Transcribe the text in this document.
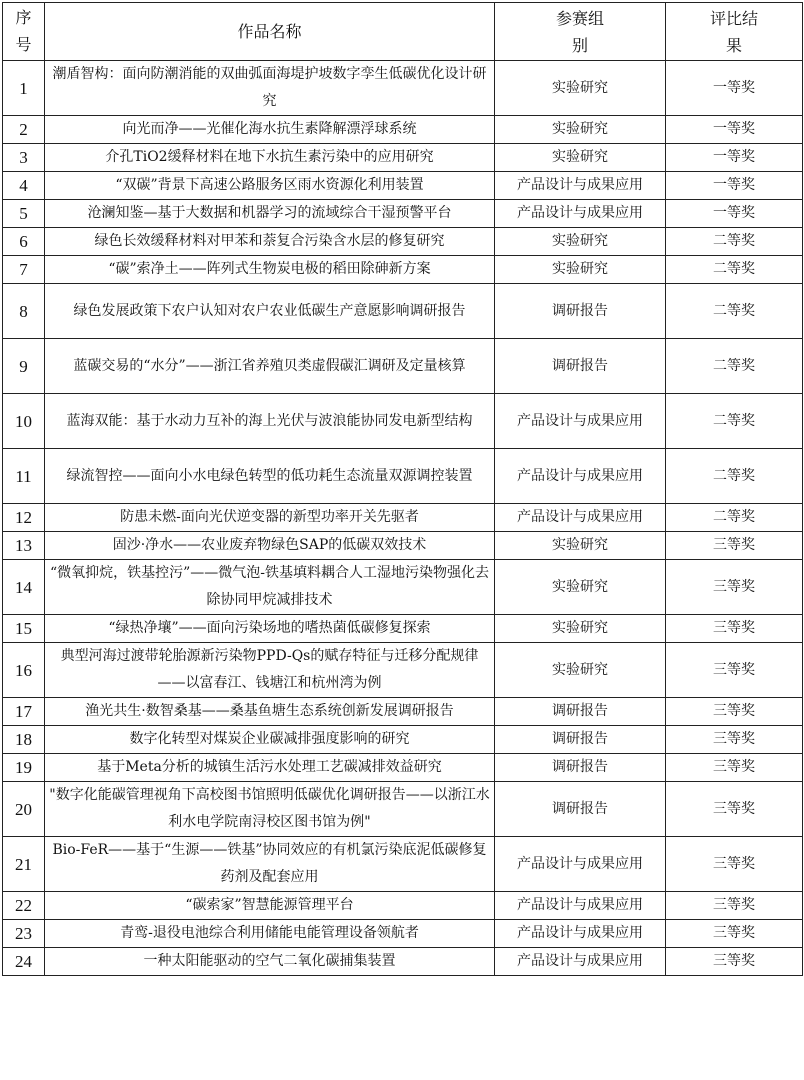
序号	作品名称	参赛组别	评比结果

1	潮盾智构：面向防潮消能的双曲弧面海堤护坡数字孪生低碳优化设计研究	实验研究	一等奖
2	向光而净——光催化海水抗生素降解漂浮球系统	实验研究	一等奖
3	介孔TiO2缓释材料在地下水抗生素污染中的应用研究	实验研究	一等奖
4	“双碳”背景下高速公路服务区雨水资源化利用装置	产品设计与成果应用	一等奖
5	沧澜知鉴—基于大数据和机器学习的流域综合干湿预警平台	产品设计与成果应用	一等奖
6	绿色长效缓释材料对甲苯和萘复合污染含水层的修复研究	实验研究	二等奖
7	“碳”索净土——阵列式生物炭电极的稻田除砷新方案	实验研究	二等奖
8	绿色发展政策下农户认知对农户农业低碳生产意愿影响调研报告	调研报告	二等奖
9	蓝碳交易的“水分”——浙江省养殖贝类虚假碳汇调研及定量核算	调研报告	二等奖
10	蓝海双能：基于水动力互补的海上光伏与波浪能协同发电新型结构	产品设计与成果应用	二等奖
11	绿流智控——面向小水电绿色转型的低功耗生态流量双源调控装置	产品设计与成果应用	二等奖
12	防患未燃-面向光伏逆变器的新型功率开关先驱者	产品设计与成果应用	二等奖
13	固沙·净水——农业废弃物绿色SAP的低碳双效技术	实验研究	三等奖
14	“微氧抑烷，铁基控污”——微气泡-铁基填料耦合人工湿地污染物强化去除协同甲烷减排技术	实验研究	三等奖
15	“绿热净壤”——面向污染场地的嗜热菌低碳修复探索	实验研究	三等奖
16	典型河海过渡带轮胎源新污染物PPD-Qs的赋存特征与迁移分配规律——以富春江、钱塘江和杭州湾为例	实验研究	三等奖
17	渔光共生·数智桑基——桑基鱼塘生态系统创新发展调研报告	调研报告	三等奖
18	数字化转型对煤炭企业碳减排强度影响的研究	调研报告	三等奖
19	基于Meta分析的城镇生活污水处理工艺碳减排效益研究	调研报告	三等奖
20	"数字化能碳管理视角下高校图书馆照明低碳优化调研报告——以浙江水利水电学院南浔校区图书馆为例"	调研报告	三等奖
21	Bio-FeR——基于“生源——铁基”协同效应的有机氯污染底泥低碳修复药剂及配套应用	产品设计与成果应用	三等奖
22	“碳索家”智慧能源管理平台	产品设计与成果应用	三等奖
23	青鸾-退役电池综合利用储能电能管理设备领航者	产品设计与成果应用	三等奖
24	一种太阳能驱动的空气二氧化碳捕集装置	产品设计与成果应用	三等奖
